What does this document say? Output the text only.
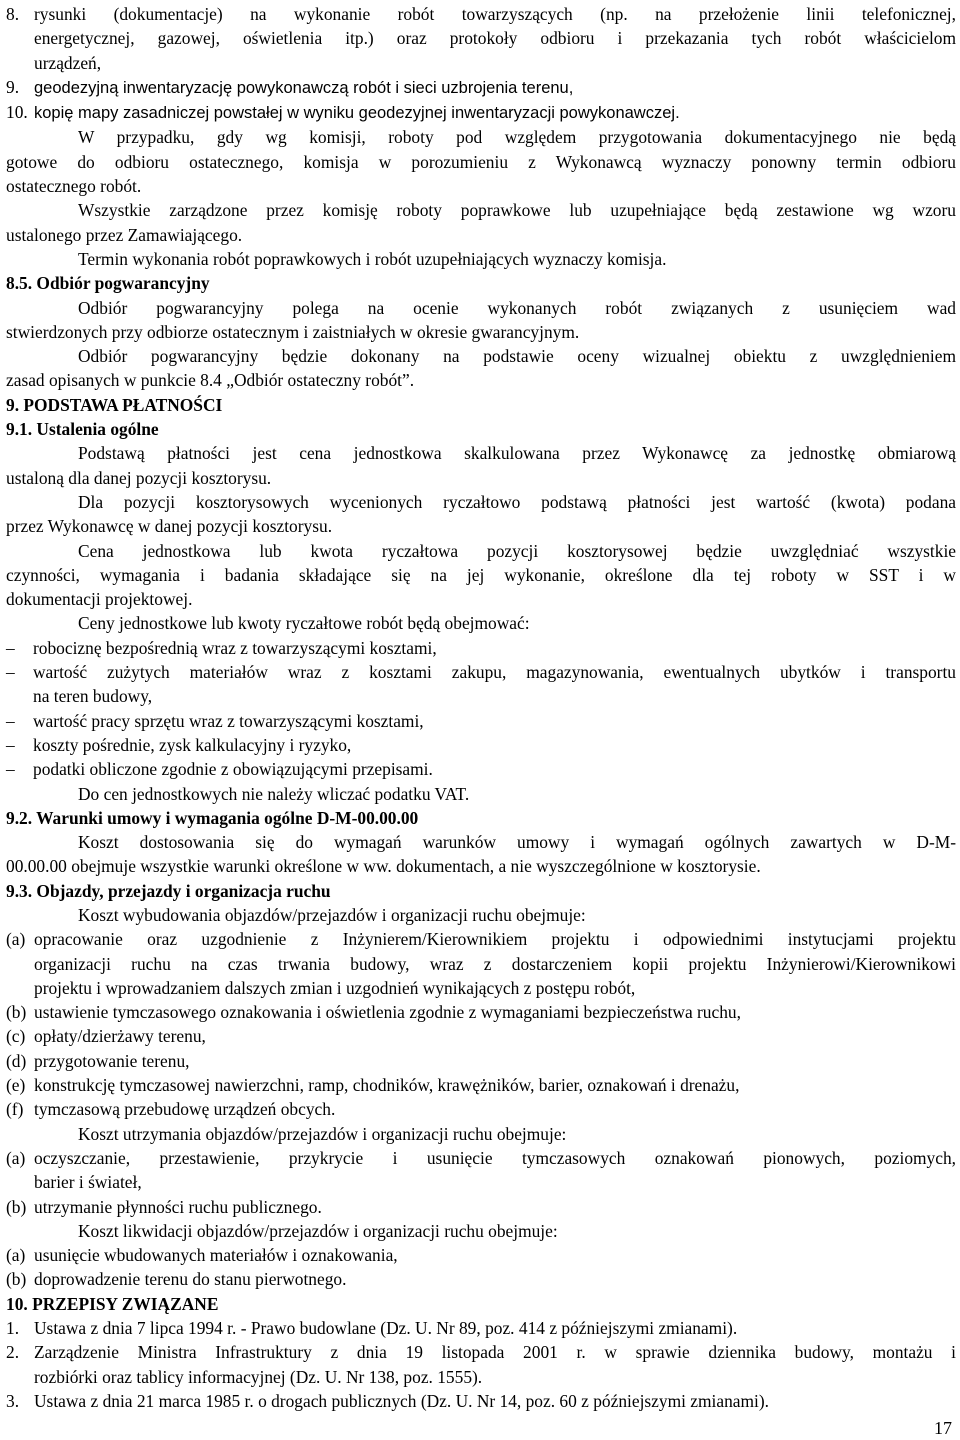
8. rysunki (dokumentacje) na wykonanie robót towarzyszących (np. na przełożenie linii telefonicznej,
energetycznej, gazowej, oświetlenia itp.) oraz protokoły odbioru i przekazania tych robót właścicielom
urządzeń,
9. geodezyjną inwentaryzację powykonawczą robót i sieci uzbrojenia terenu,
10. kopię mapy zasadniczej powstałej w wyniku geodezyjnej inwentaryzacji powykonawczej.
W przypadku, gdy wg komisji, roboty pod względem przygotowania dokumentacyjnego nie będą
gotowe do odbioru ostatecznego, komisja w porozumieniu z Wykonawcą wyznaczy ponowny termin odbioru
ostatecznego robót.
Wszystkie zarządzone przez komisję roboty poprawkowe lub uzupełniające będą zestawione wg wzoru
ustalonego przez Zamawiającego.
Termin wykonania robót poprawkowych i robót uzupełniających wyznaczy komisja.
8.5. Odbiór pogwarancyjny
Odbiór pogwarancyjny polega na ocenie wykonanych robót związanych z usunięciem wad
stwierdzonych przy odbiorze ostatecznym i zaistniałych w okresie gwarancyjnym.
Odbiór pogwarancyjny będzie dokonany na podstawie oceny wizualnej obiektu z uwzględnieniem
zasad opisanych w punkcie 8.4 „Odbiór ostateczny robót”.
9. PODSTAWA PŁATNOŚCI
9.1. Ustalenia ogólne
Podstawą płatności jest cena jednostkowa skalkulowana przez Wykonawcę za jednostkę obmiarową
ustaloną dla danej pozycji kosztorysu.
Dla pozycji kosztorysowych wycenionych ryczałtowo podstawą płatności jest wartość (kwota) podana
przez Wykonawcę w danej pozycji kosztorysu.
Cena jednostkowa lub kwota ryczałtowa pozycji kosztorysowej będzie uwzględniać wszystkie
czynności, wymagania i badania składające się na jej wykonanie, określone dla tej roboty w SST i w
dokumentacji projektowej.
Ceny jednostkowe lub kwoty ryczałtowe robót będą obejmować:
– robociznę bezpośrednią wraz z towarzyszącymi kosztami,
– wartość zużytych materiałów wraz z kosztami zakupu, magazynowania, ewentualnych ubytków i transportu
na teren budowy,
– wartość pracy sprzętu wraz z towarzyszącymi kosztami,
– koszty pośrednie, zysk kalkulacyjny i ryzyko,
– podatki obliczone zgodnie z obowiązującymi przepisami.
Do cen jednostkowych nie należy wliczać podatku VAT.
9.2. Warunki umowy i wymagania ogólne D-M-00.00.00
Koszt dostosowania się do wymagań warunków umowy i wymagań ogólnych zawartych w D-M-
00.00.00 obejmuje wszystkie warunki określone w ww. dokumentach, a nie wyszczególnione w kosztorysie.
9.3. Objazdy, przejazdy i organizacja ruchu
Koszt wybudowania objazdów/przejazdów i organizacji ruchu obejmuje:
(a) opracowanie oraz uzgodnienie z Inżynierem/Kierownikiem projektu i odpowiednimi instytucjami projektu
organizacji ruchu na czas trwania budowy, wraz z dostarczeniem kopii projektu Inżynierowi/Kierownikowi
projektu i wprowadzaniem dalszych zmian i uzgodnień wynikających z postępu robót,
(b) ustawienie tymczasowego oznakowania i oświetlenia zgodnie z wymaganiami bezpieczeństwa ruchu,
(c) opłaty/dzierżawy terenu,
(d) przygotowanie terenu,
(e) konstrukcję tymczasowej nawierzchni, ramp, chodników, krawężników, barier, oznakowań i drenażu,
(f) tymczasową przebudowę urządzeń obcych.
Koszt utrzymania objazdów/przejazdów i organizacji ruchu obejmuje:
(a) oczyszczanie, przestawienie, przykrycie i usunięcie tymczasowych oznakowań pionowych, poziomych,
barier i świateł,
(b) utrzymanie płynności ruchu publicznego.
Koszt likwidacji objazdów/przejazdów i organizacji ruchu obejmuje:
(a) usunięcie wbudowanych materiałów i oznakowania,
(b) doprowadzenie terenu do stanu pierwotnego.
10. PRZEPISY ZWIĄZANE
1. Ustawa z dnia 7 lipca 1994 r. - Prawo budowlane (Dz. U. Nr 89, poz. 414 z późniejszymi zmianami).
2. Zarządzenie Ministra Infrastruktury z dnia 19 listopada 2001 r. w sprawie dziennika budowy, montażu i
rozbiórki oraz tablicy informacyjnej (Dz. U. Nr 138, poz. 1555).
3. Ustawa z dnia 21 marca 1985 r. o drogach publicznych (Dz. U. Nr 14, poz. 60 z późniejszymi zmianami).
17
